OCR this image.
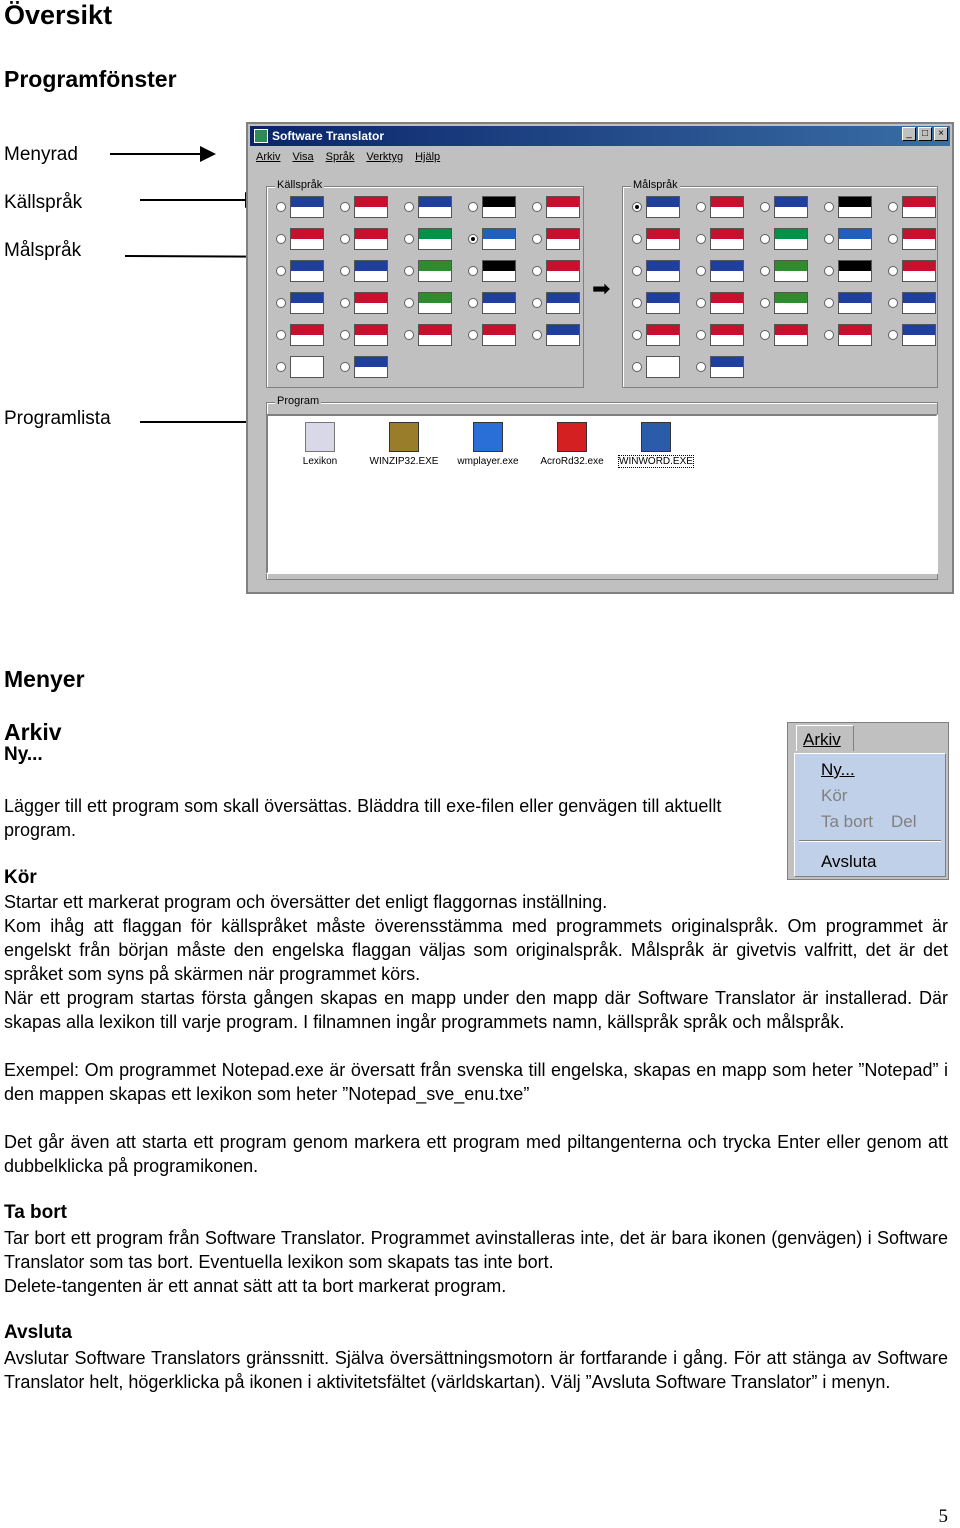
Översikt
Programfönster
Menyrad
Källspråk
Målspråk
Programlista
Software Translator	_	□	×
Arkiv Visa Språk Verktyg Hjälp
Källspråk
➡
Målspråk
Program
Lexikon	WINZIP32.EXE	wmplayer.exe	AcroRd32.exe	WINWORD.EXE
Menyer
Arkiv
Ny...
Lägger till ett program som skall översättas. Bläddra till exe-filen eller genvägen till aktuellt program.
Arkiv
Ny...
Kör
Ta bort Del
Avsluta
Kör
Startar ett markerat program och översätter det enligt flaggornas inställning.
Kom ihåg att flaggan för källspråket måste överensstämma med programmets originalspråk. Om programmet är engelskt från början måste den engelska flaggan väljas som originalspråk. Målspråk är givetvis valfritt, det är det språket som syns på skärmen när programmet körs.
När ett program startas första gången skapas en mapp under den mapp där Software Translator är installerad. Där skapas alla lexikon till varje program. I filnamnen ingår programmets namn, källspråk språk och målspråk.
Exempel: Om programmet Notepad.exe är översatt från svenska till engelska, skapas en mapp som heter ”Notepad” i den mappen skapas ett lexikon som heter ”Notepad_sve_enu.txe”
Det går även att starta ett program genom markera ett program med piltangenterna och trycka Enter eller genom att dubbelklicka på programikonen.
Ta bort
Tar bort ett program från Software Translator. Programmet avinstalleras inte, det är bara ikonen (genvägen) i Software Translator som tas bort. Eventuella lexikon som skapats tas inte bort.
Delete-tangenten är ett annat sätt att ta bort markerat program.
Avsluta
Avslutar Software Translators gränssnitt. Själva översättningsmotorn är fortfarande i gång. För att stänga av Software Translator helt, högerklicka på ikonen i aktivitetsfältet (världskartan). Välj ”Avsluta Software Translator” i menyn.
5
